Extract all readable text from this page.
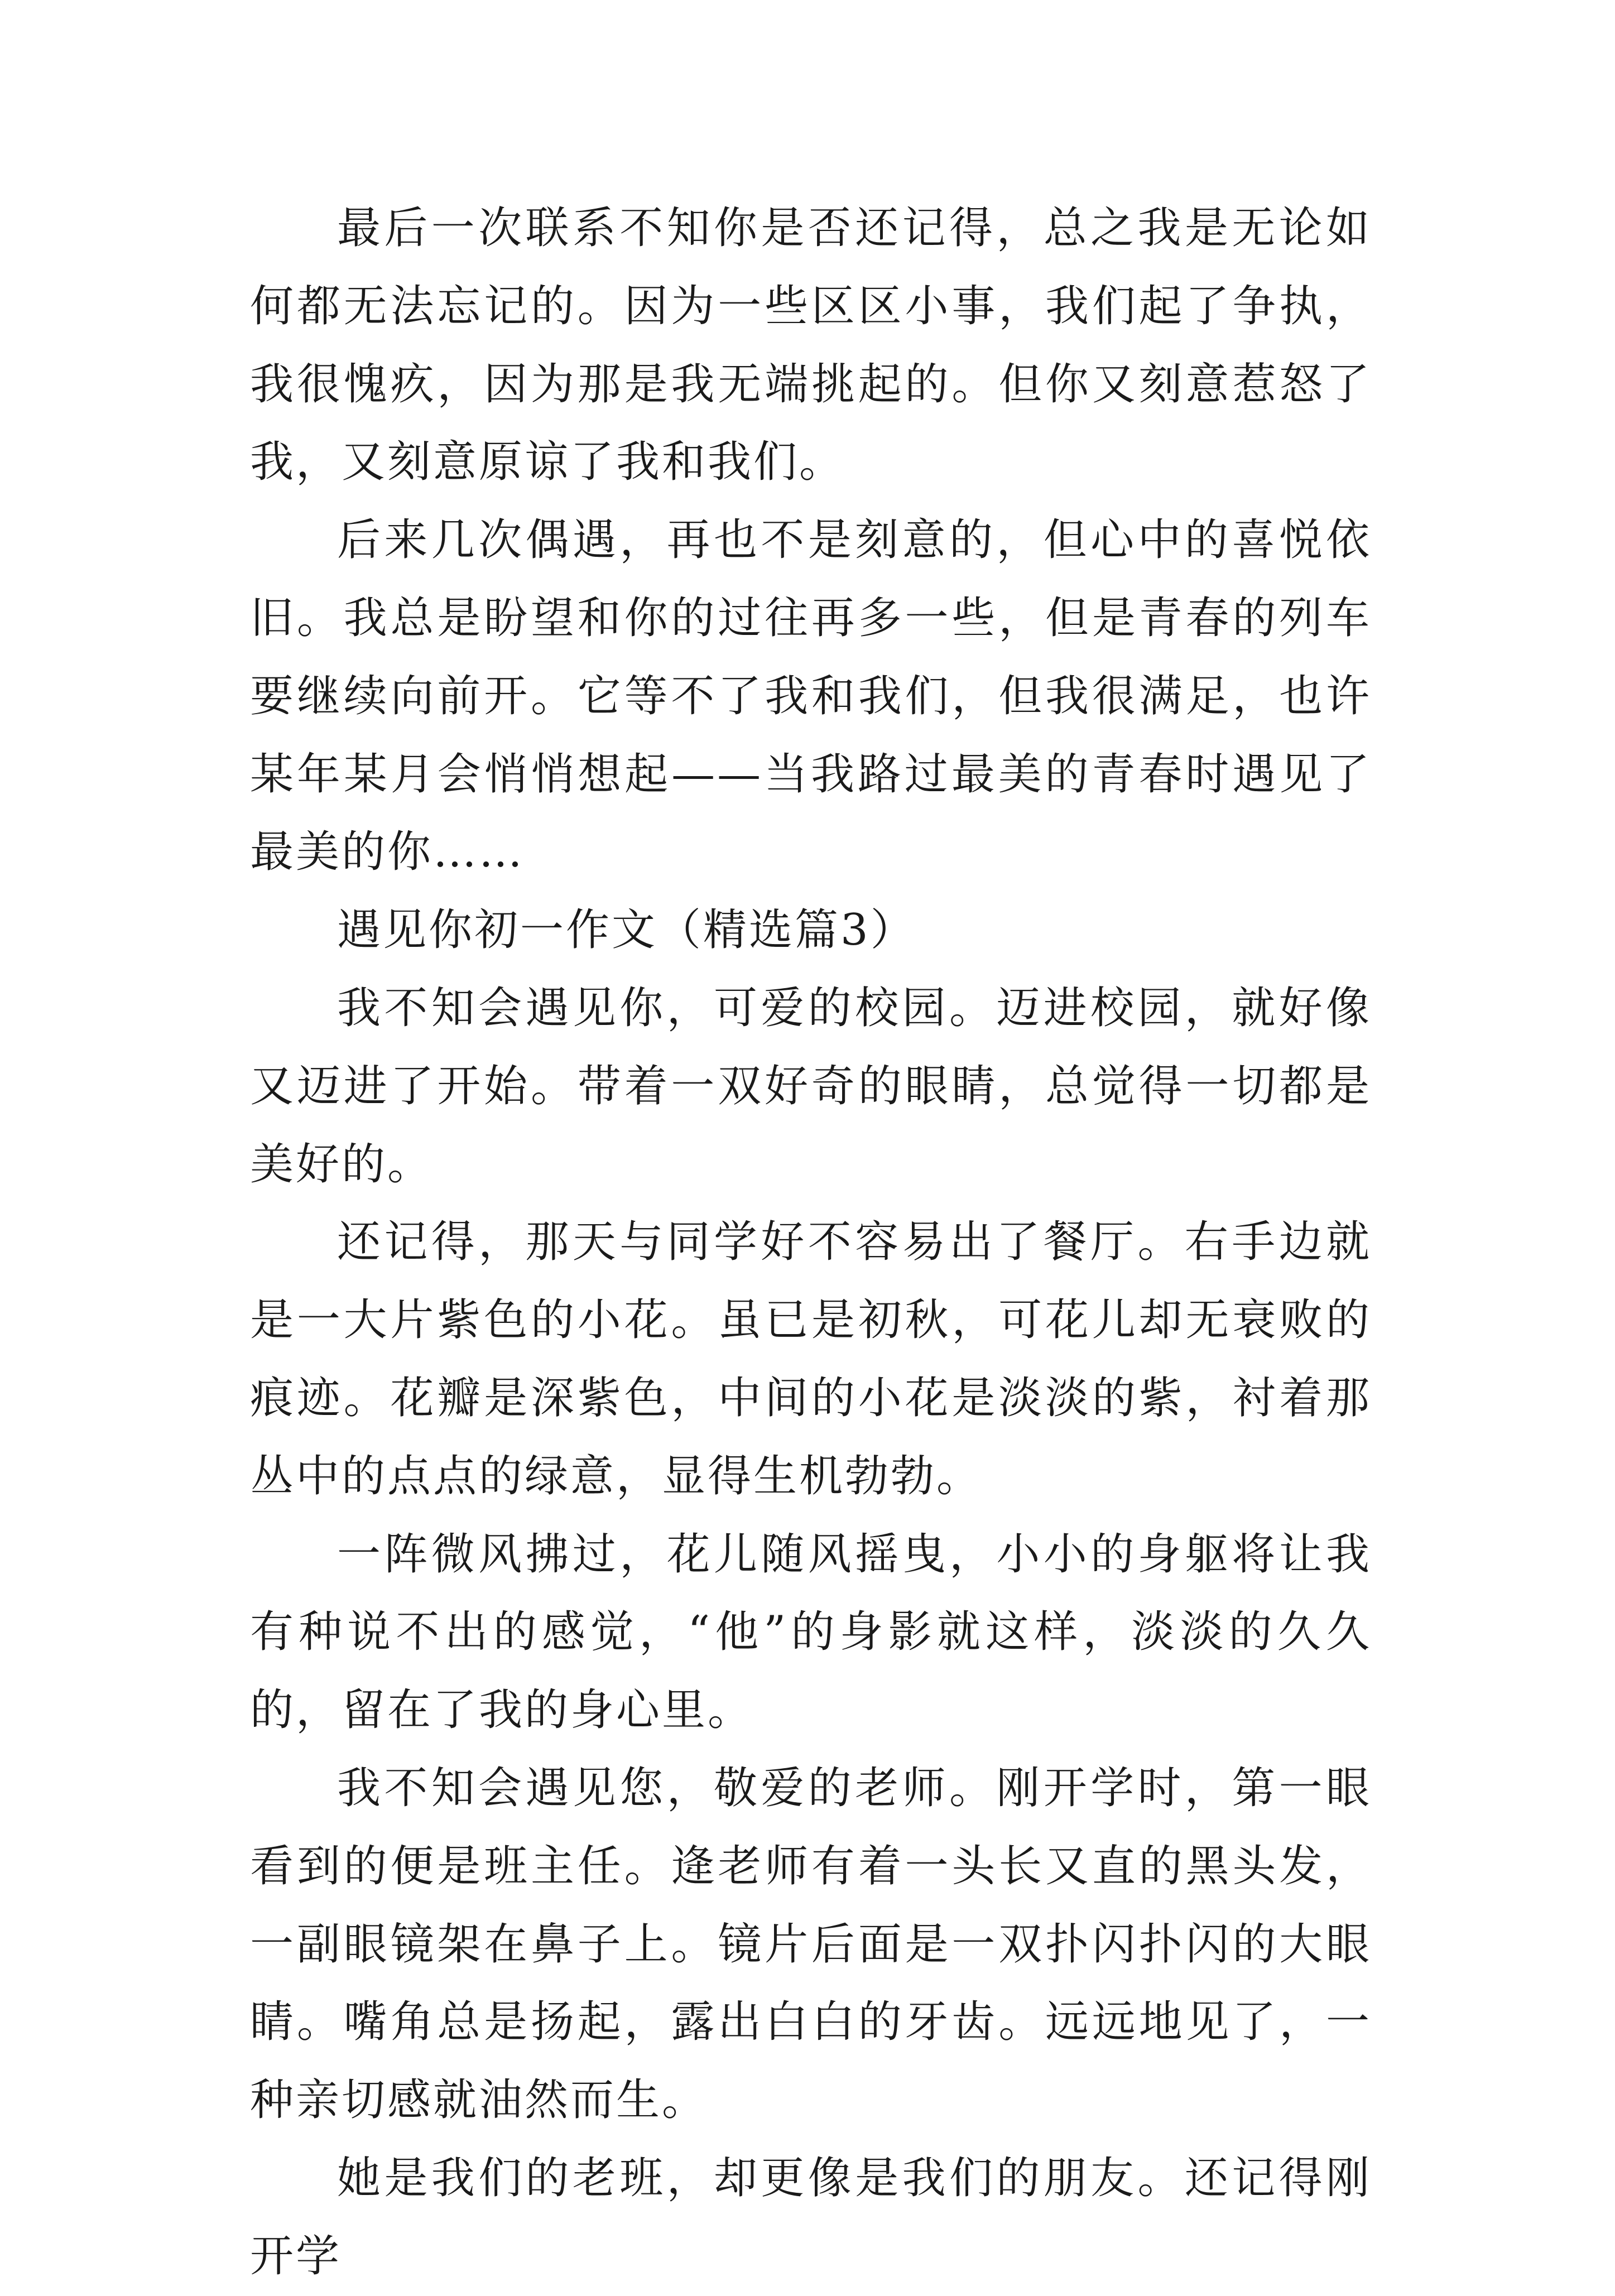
最后一次联系不知你是否还记得，总之我是无论如何都无法忘记的。因为一些区区小事，我们起了争执，我很愧疚，因为那是我无端挑起的。但你又刻意惹怒了我，又刻意原谅了我和我们。

后来几次偶遇，再也不是刻意的，但心中的喜悦依旧。我总是盼望和你的过往再多一些，但是青春的列车要继续向前开。它等不了我和我们，但我很满足，也许某年某月会悄悄想起——当我路过最美的青春时遇见了最美的你……

遇见你初一作文（精选篇3）

我不知会遇见你，可爱的校园。迈进校园，就好像又迈进了开始。带着一双好奇的眼睛，总觉得一切都是美好的。

还记得，那天与同学好不容易出了餐厅。右手边就是一大片紫色的小花。虽已是初秋，可花儿却无衰败的痕迹。花瓣是深紫色，中间的小花是淡淡的紫，衬着那丛中的点点的绿意，显得生机勃勃。

一阵微风拂过，花儿随风摇曳，小小的身躯将让我有种说不出的感觉，“他”的身影就这样，淡淡的久久的，留在了我的身心里。

我不知会遇见您，敬爱的老师。刚开学时，第一眼看到的便是班主任。逄老师有着一头长又直的黑头发，一副眼镜架在鼻子上。镜片后面是一双扑闪扑闪的大眼睛。嘴角总是扬起，露出白白的牙齿。远远地见了，一种亲切感就油然而生。

她是我们的老班，却更像是我们的朋友。还记得刚开学
